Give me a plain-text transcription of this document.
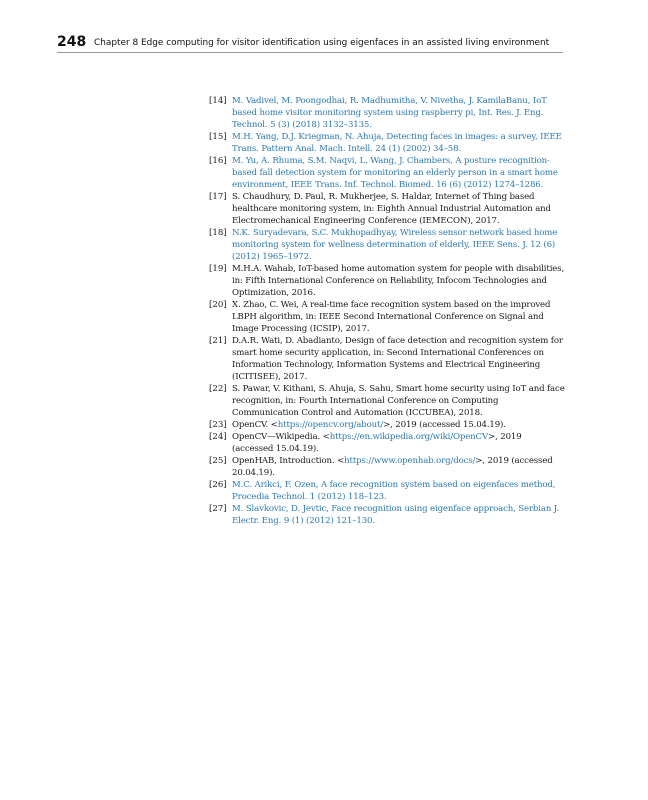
248 Chapter 8 Edge computing for visitor identification using eigenfaces in an assisted living environment
[14] M. Vadivel, M. Poongodhai, R. Madhumitha, V. Nivetha, J. KamilaBanu, IoT based home visitor monitoring system using raspberry pi, Int. Res. J. Eng. Technol. 5 (3) (2018) 3132–3135.
[15] M.H. Yang, D.J. Kriegman, N. Ahuja, Detecting faces in images: a survey, IEEE Trans. Pattern Anal. Mach. Intell. 24 (1) (2002) 34–58.
[16] M. Yu, A. Rhuma, S.M. Naqvi, L. Wang, J. Chambers, A posture recognition-based fall detection system for monitoring an elderly person in a smart home environment, IEEE Trans. Inf. Technol. Biomed. 16 (6) (2012) 1274–1286.
[17] S. Chaudhury, D. Paul, R. Mukherjee, S. Haldar, Internet of Thing based healthcare monitoring system, in: Eighth Annual Industrial Automation and Electromechanical Engineering Conference (IEMECON), 2017.
[18] N.K. Suryadevara, S.C. Mukhopadhyay, Wireless sensor network based home monitoring system for wellness determination of elderly, IEEE Sens. J. 12 (6) (2012) 1965–1972.
[19] M.H.A. Wahab, IoT-based home automation system for people with disabilities, in: Fifth International Conference on Reliability, Infocom Technologies and Optimization, 2016.
[20] X. Zhao, C. Wei, A real-time face recognition system based on the improved LBPH algorithm, in: IEEE Second International Conference on Signal and Image Processing (ICSIP), 2017.
[21] D.A.R. Wati, D. Abadianto, Design of face detection and recognition system for smart home security application, in: Second International Conferences on Information Technology, Information Systems and Electrical Engineering (ICITISEE), 2017.
[22] S. Pawar, V. Kithani, S. Ahuja, S. Sahu, Smart home security using IoT and face recognition, in: Fourth International Conference on Computing Communication Control and Automation (ICCUBEA), 2018.
[23] OpenCV. <https://opencv.org/about/>, 2019 (accessed 15.04.19).
[24] OpenCV—Wikipedia. <https://en.wikipedia.org/wiki/OpenCV>, 2019 (accessed 15.04.19).
[25] OpenHAB, Introduction. <https://www.openhab.org/docs/>, 2019 (accessed 20.04.19).
[26] M.C. Arikci, F. Ozen, A face recognition system based on eigenfaces method, Procedia Technol. 1 (2012) 118–123.
[27] M. Slavkovic, D. Jevtic, Face recognition using eigenface approach, Serbian J. Electr. Eng. 9 (1) (2012) 121–130.
